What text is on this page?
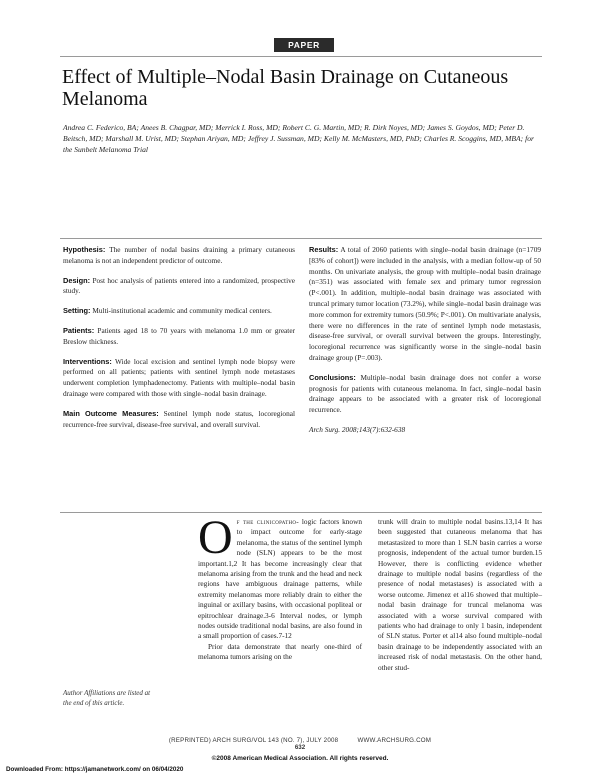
PAPER
Effect of Multiple–Nodal Basin Drainage on Cutaneous Melanoma
Andrea C. Federico, BA; Anees B. Chagpar, MD; Merrick I. Ross, MD; Robert C. G. Martin, MD; R. Dirk Noyes, MD; James S. Goydos, MD; Peter D. Beitsch, MD; Marshall M. Urist, MD; Stephan Ariyan, MD; Jeffrey J. Sussman, MD; Kelly M. McMasters, MD, PhD; Charles R. Scoggins, MD, MBA; for the Sunbelt Melanoma Trial

Hypothesis: The number of nodal basins draining a primary cutaneous melanoma is not an independent predictor of outcome.

Design: Post hoc analysis of patients entered into a randomized, prospective study.

Setting: Multi-institutional academic and community medical centers.

Patients: Patients aged 18 to 70 years with melanoma 1.0 mm or greater Breslow thickness.

Interventions: Wide local excision and sentinel lymph node biopsy were performed on all patients; patients with sentinel lymph node metastases underwent completion lymphadenectomy. Patients with multiple–nodal basin drainage were compared with those with single–nodal basin drainage.

Main Outcome Measures: Sentinel lymph node status, locoregional recurrence-free survival, disease-free survival, and overall survival.

Results: A total of 2060 patients with single–nodal basin drainage (n=1709 [83% of cohort]) were included in the analysis, with a median follow-up of 50 months. On univariate analysis, the group with multiple–nodal basin drainage (n=351) was associated with female sex and primary tumor regression (P<.001). In addition, multiple–nodal basin drainage was associated with truncal primary tumor location (73.2%), while single–nodal basin drainage was more common for extremity tumors (50.9%; P<.001). On multivariate analysis, there were no differences in the rate of sentinel lymph node metastasis, disease-free survival, or overall survival between the groups. Interestingly, locoregional recurrence was significantly worse in the single–nodal basin drainage group (P=.003).

Conclusions: Multiple–nodal basin drainage does not confer a worse prognosis for patients with cutaneous melanoma. In fact, single–nodal basin drainage appears to be associated with a greater risk of locoregional recurrence.

Arch Surg. 2008;143(7):632-638

O f the clinicopatho- logic factors known to impact outcome for early-stage melanoma, the status of the sentinel lymph node (SLN) appears to be the most important.1,2 It has become increasingly clear that melanoma arising from the trunk and the head and neck regions have ambiguous drainage patterns, while extremity melanomas more reliably drain to either the inguinal or axillary basins, with occasional popliteal or epitrochlear drainage.3-6 Interval nodes, or lymph nodes outside traditional nodal basins, are also found in a small proportion of cases.7-12

Prior data demonstrate that nearly one-third of melanoma tumors arising on the

trunk will drain to multiple nodal basins.13,14 It has been suggested that cutaneous melanoma that has metastasized to more than 1 SLN basin carries a worse prognosis, independent of the actual tumor burden.15 However, there is conflicting evidence whether drainage to multiple nodal basins (regardless of the presence of nodal metastases) is associated with a worse outcome. Jimenez et al16 showed that multiple–nodal basin drainage for truncal melanoma was associated with a worse survival compared with patients who had drainage to only 1 basin, independent of SLN status. Porter et al14 also found multiple–nodal basin drainage to be independently associated with an increased risk of nodal metastasis. On the other hand, other stud-

Author Affiliations are listed at the end of this article.
(REPRINTED) ARCH SURG/VOL 143 (NO. 7), JULY 2008          WWW.ARCHSURG.COM
632
©2008 American Medical Association. All rights reserved.
Downloaded From: https://jamanetwork.com/ on 06/04/2020
